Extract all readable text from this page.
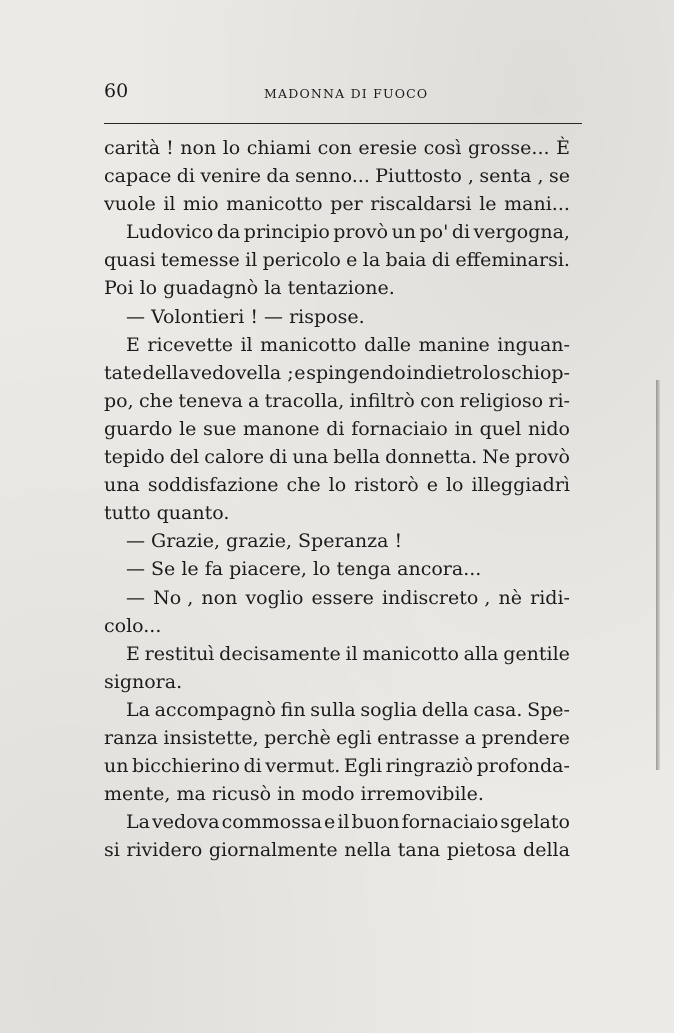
60	MADONNA DI FUOCO
carità ! non lo chiami con eresie così grosse... È
capace di venire da senno... Piuttosto , senta , se
vuole il mio manicotto per riscaldarsi le mani...
Ludovico da principio provò un po' di vergogna,
quasi temesse il pericolo e la baia di effeminarsi.
Poi lo guadagnò la tentazione.
— Volontieri ! — rispose.
E ricevette il manicotto dalle manine inguan-
tate della vedovella ; e spingendo indietro lo schiop-
po, che teneva a tracolla, infiltrò con religioso ri-
guardo le sue manone di fornaciaio in quel nido
tepido del calore di una bella donnetta. Ne provò
una soddisfazione che lo ristorò e lo illeggiadrì
tutto quanto.
— Grazie, grazie, Speranza !
— Se le fa piacere, lo tenga ancora...
— No , non voglio essere indiscreto , nè ridi-
colo...
E restituì decisamente il manicotto alla gentile
signora.
La accompagnò fin sulla soglia della casa. Spe-
ranza insistette, perchè egli entrasse a prendere
un bicchierino di vermut. Egli ringraziò profonda-
mente, ma ricusò in modo irremovibile.
La vedova commossa e il buon fornaciaio sgelato
si rividero giornalmente nella tana pietosa della
